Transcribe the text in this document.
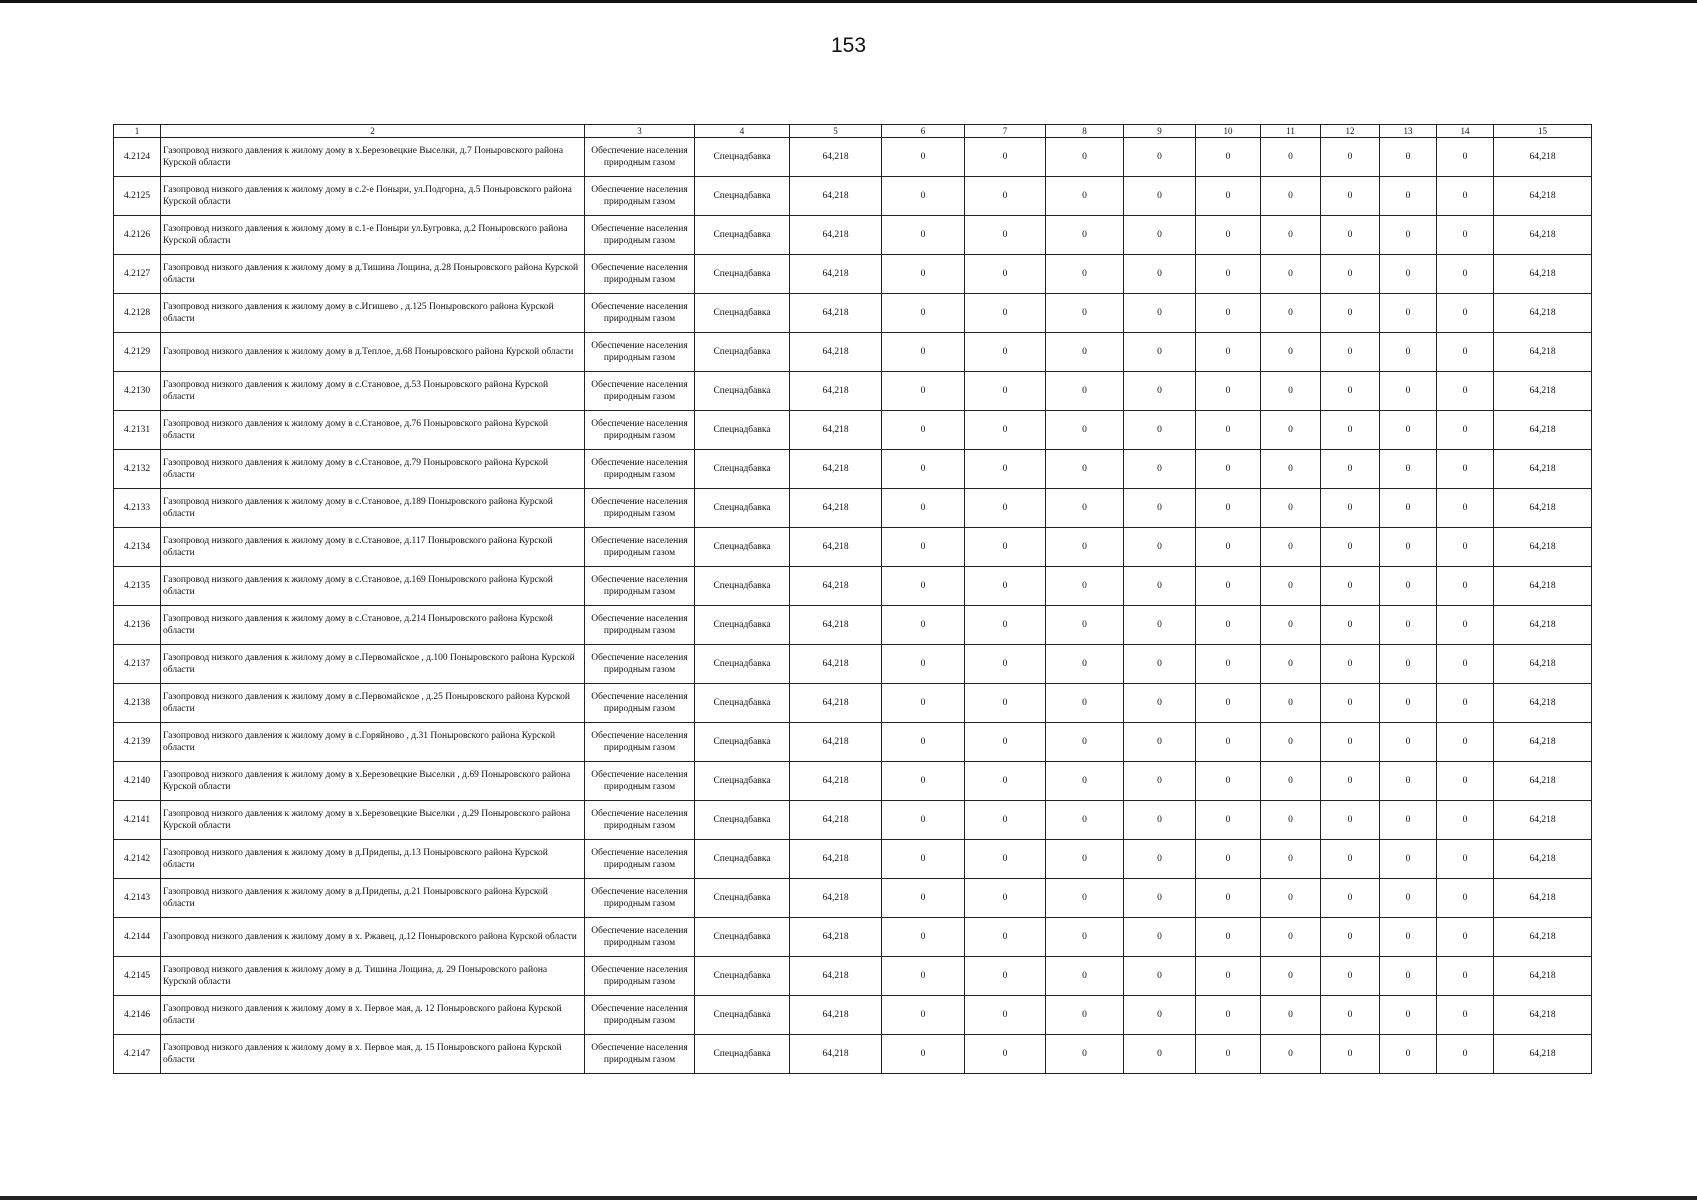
153
1	2	3	4	5	6	7	8	9	10	11	12	13	14	15
4.2124	Газопровод низкого давления к жилому дому в х.Березовецкие Выселки, д.7 Поныровского района Курской области	Обеспечение населения природным газом	Спецнадбавка	64,218	0	0	0	0	0	0	0	0	0	64,218
4.2125	Газопровод низкого давления к жилому дому в с.2-е Поныри, ул.Подгорна, д.5 Поныровского района Курской области	Обеспечение населения природным газом	Спецнадбавка	64,218	0	0	0	0	0	0	0	0	0	64,218
4.2126	Газопровод низкого давления к жилому дому в с.1-е Поныри ул.Бугровка, д.2 Поныровского района Курской области	Обеспечение населения природным газом	Спецнадбавка	64,218	0	0	0	0	0	0	0	0	0	64,218
4.2127	Газопровод низкого давления к жилому дому в д.Тишина Лощина, д.28 Поныровского района Курской области	Обеспечение населения природным газом	Спецнадбавка	64,218	0	0	0	0	0	0	0	0	0	64,218
4.2128	Газопровод низкого давления к жилому дому в с.Игишево , д.125 Поныровского района Курской области	Обеспечение населения природным газом	Спецнадбавка	64,218	0	0	0	0	0	0	0	0	0	64,218
4.2129	Газопровод низкого давления к жилому дому в д.Теплое, д.68 Поныровского района Курской области	Обеспечение населения природным газом	Спецнадбавка	64,218	0	0	0	0	0	0	0	0	0	64,218
4.2130	Газопровод низкого давления к жилому дому в с.Становое, д.53 Поныровского района Курской области	Обеспечение населения природным газом	Спецнадбавка	64,218	0	0	0	0	0	0	0	0	0	64,218
4.2131	Газопровод низкого давления к жилому дому в с.Становое, д.76 Поныровского района Курской области	Обеспечение населения природным газом	Спецнадбавка	64,218	0	0	0	0	0	0	0	0	0	64,218
4.2132	Газопровод низкого давления к жилому дому в с.Становое, д.79 Поныровского района Курской области	Обеспечение населения природным газом	Спецнадбавка	64,218	0	0	0	0	0	0	0	0	0	64,218
4.2133	Газопровод низкого давления к жилому дому в с.Становое, д.189 Поныровского района Курской области	Обеспечение населения природным газом	Спецнадбавка	64,218	0	0	0	0	0	0	0	0	0	64,218
4.2134	Газопровод низкого давления к жилому дому в с.Становое, д.117 Поныровского района Курской области	Обеспечение населения природным газом	Спецнадбавка	64,218	0	0	0	0	0	0	0	0	0	64,218
4.2135	Газопровод низкого давления к жилому дому в с.Становое, д.169 Поныровского района Курской области	Обеспечение населения природным газом	Спецнадбавка	64,218	0	0	0	0	0	0	0	0	0	64,218
4.2136	Газопровод низкого давления к жилому дому в с.Становое, д.214 Поныровского района Курской области	Обеспечение населения природным газом	Спецнадбавка	64,218	0	0	0	0	0	0	0	0	0	64,218
4.2137	Газопровод низкого давления к жилому дому в с.Первомайское , д.100 Поныровского района Курской области	Обеспечение населения природным газом	Спецнадбавка	64,218	0	0	0	0	0	0	0	0	0	64,218
4.2138	Газопровод низкого давления к жилому дому в с.Первомайское , д.25 Поныровского района Курской области	Обеспечение населения природным газом	Спецнадбавка	64,218	0	0	0	0	0	0	0	0	0	64,218
4.2139	Газопровод низкого давления к жилому дому в с.Горяйново , д.31 Поныровского района Курской области	Обеспечение населения природным газом	Спецнадбавка	64,218	0	0	0	0	0	0	0	0	0	64,218
4.2140	Газопровод низкого давления к жилому дому в х.Березовецкие Выселки , д.69 Поныровского района Курской области	Обеспечение населения природным газом	Спецнадбавка	64,218	0	0	0	0	0	0	0	0	0	64,218
4.2141	Газопровод низкого давления к жилому дому в х.Березовецкие Выселки , д.29 Поныровского района Курской области	Обеспечение населения природным газом	Спецнадбавка	64,218	0	0	0	0	0	0	0	0	0	64,218
4.2142	Газопровод низкого давления к жилому дому в д.Придепы, д.13 Поныровского района Курской области	Обеспечение населения природным газом	Спецнадбавка	64,218	0	0	0	0	0	0	0	0	0	64,218
4.2143	Газопровод низкого давления к жилому дому в д.Придепы, д.21 Поныровского района Курской области	Обеспечение населения природным газом	Спецнадбавка	64,218	0	0	0	0	0	0	0	0	0	64,218
4.2144	Газопровод низкого давления к жилому дому в х. Ржавец, д.12 Поныровского района Курской области	Обеспечение населения природным газом	Спецнадбавка	64,218	0	0	0	0	0	0	0	0	0	64,218
4.2145	Газопровод низкого давления к жилому дому в д. Тишина Лощина, д. 29 Поныровского района Курской области	Обеспечение населения природным газом	Спецнадбавка	64,218	0	0	0	0	0	0	0	0	0	64,218
4.2146	Газопровод низкого давления к жилому дому в х. Первое мая, д. 12 Поныровского района Курской области	Обеспечение населения природным газом	Спецнадбавка	64,218	0	0	0	0	0	0	0	0	0	64,218
4.2147	Газопровод низкого давления к жилому дому в х. Первое мая, д. 15 Поныровского района Курской области	Обеспечение населения природным газом	Спецнадбавка	64,218	0	0	0	0	0	0	0	0	0	64,218
